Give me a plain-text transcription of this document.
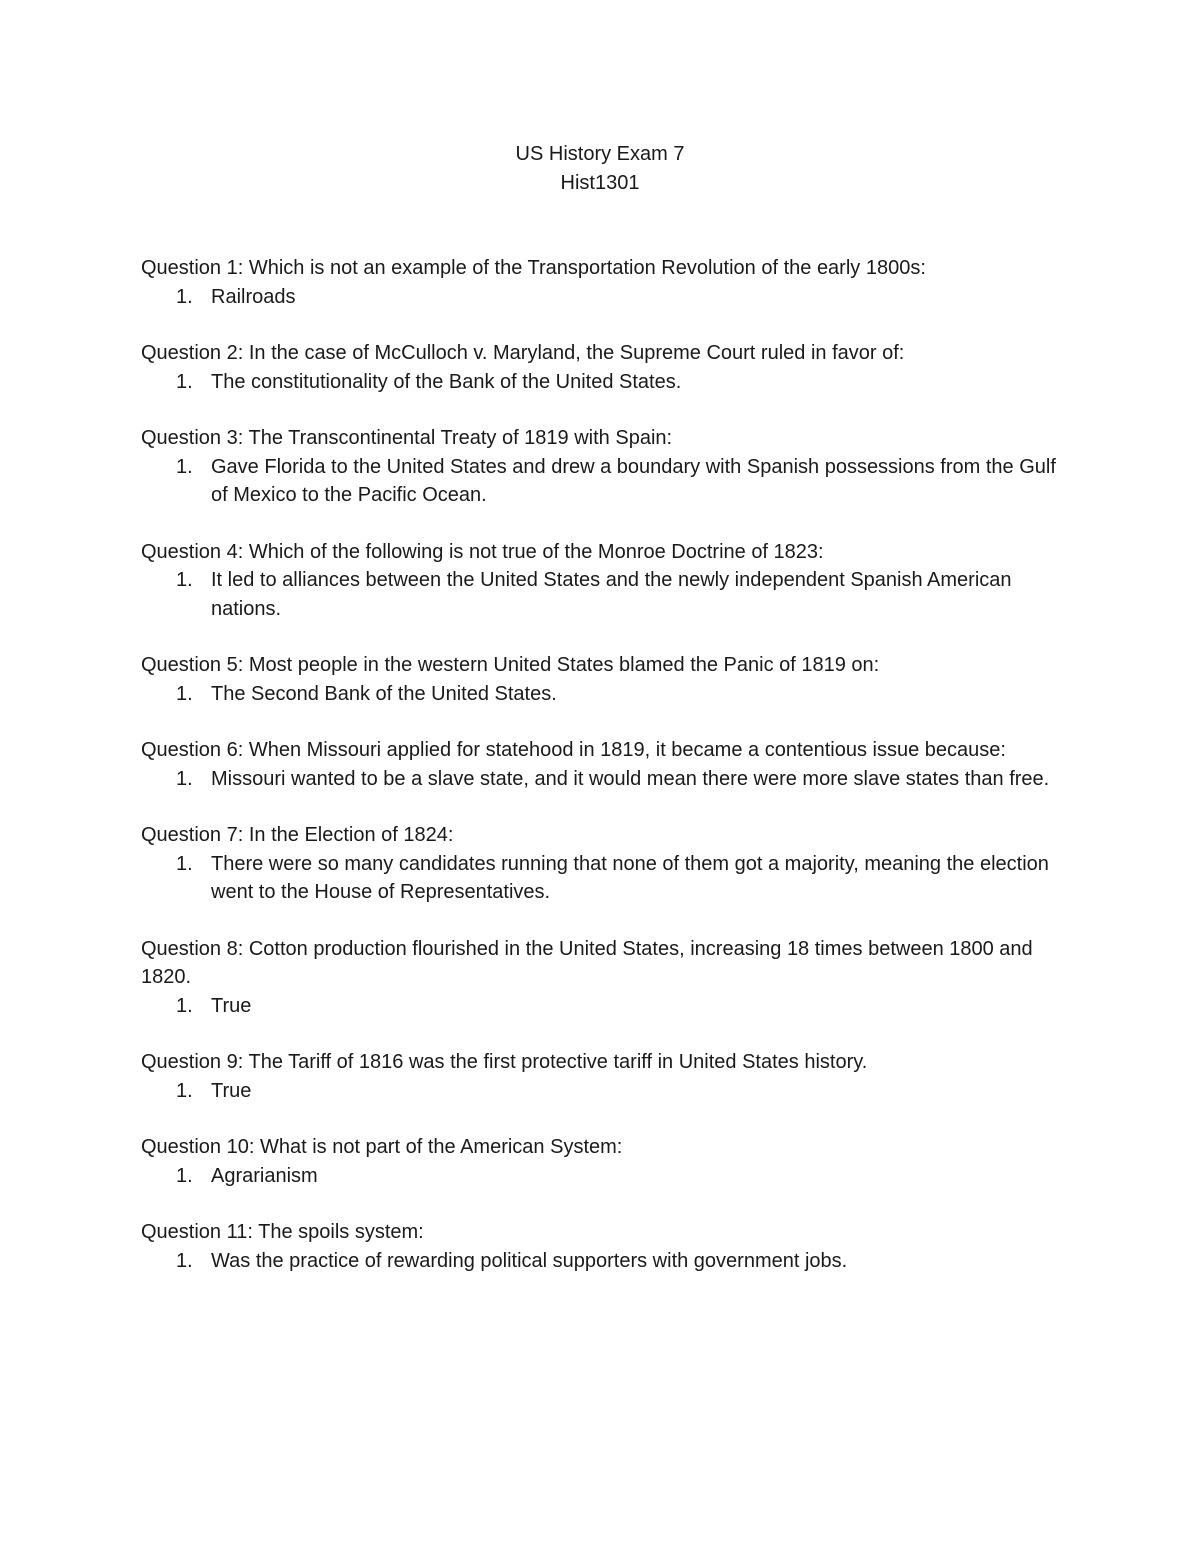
US History Exam 7
Hist1301

Question 1: Which is not an example of the Transportation Revolution of the early 1800s:

1. Railroads

Question 2: In the case of McCulloch v. Maryland, the Supreme Court ruled in favor of:

1. The constitutionality of the Bank of the United States.

Question 3: The Transcontinental Treaty of 1819 with Spain:

1. Gave Florida to the United States and drew a boundary with Spanish possessions from the Gulf of Mexico to the Pacific Ocean.

Question 4: Which of the following is not true of the Monroe Doctrine of 1823:

1. It led to alliances between the United States and the newly independent Spanish American nations.

Question 5: Most people in the western United States blamed the Panic of 1819 on:

1. The Second Bank of the United States.

Question 6: When Missouri applied for statehood in 1819, it became a contentious issue because:

1. Missouri wanted to be a slave state, and it would mean there were more slave states than free.

Question 7: In the Election of 1824:

1. There were so many candidates running that none of them got a majority, meaning the election went to the House of Representatives.

Question 8: Cotton production flourished in the United States, increasing 18 times between 1800 and 1820.

1. True

Question 9: The Tariff of 1816 was the first protective tariff in United States history.

1. True

Question 10: What is not part of the American System:

1. Agrarianism

Question 11: The spoils system:

1. Was the practice of rewarding political supporters with government jobs.
